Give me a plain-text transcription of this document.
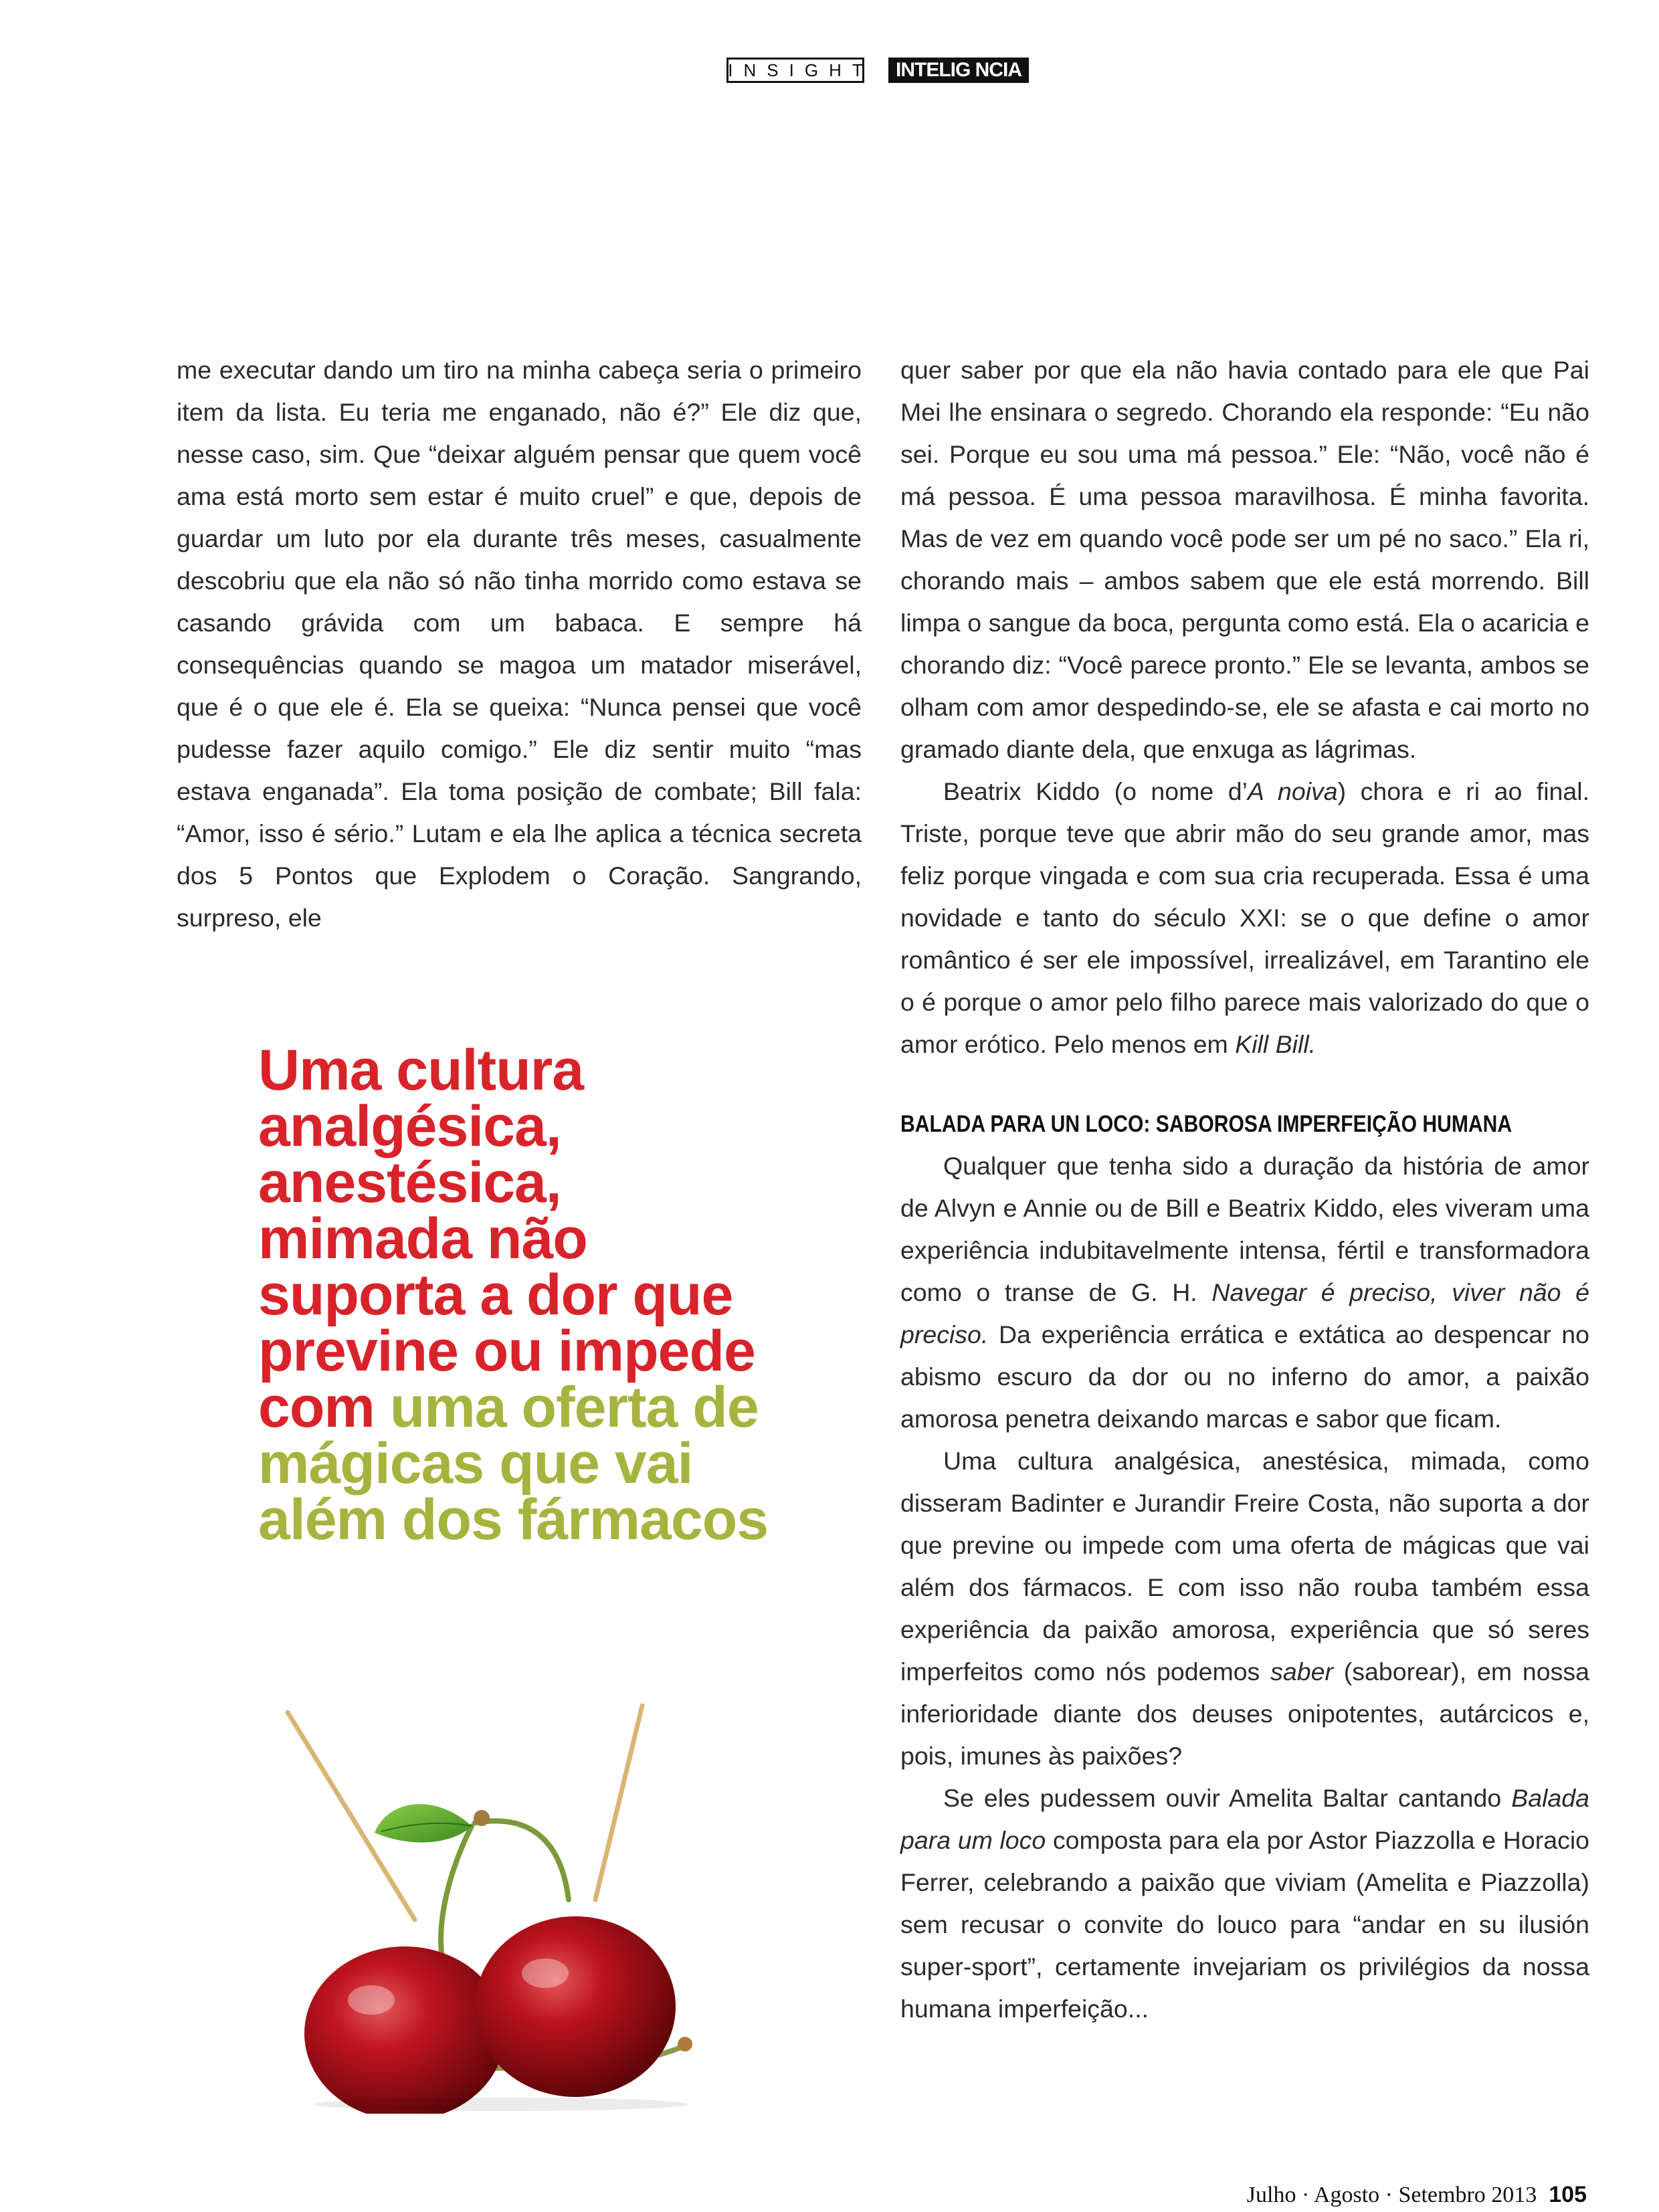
INSIGHT	INTELIG NCIA

me executar dando um tiro na minha cabeça seria o primeiro item da lista. Eu teria me enganado, não é?” Ele diz que, nesse caso, sim. Que “deixar alguém pensar que quem você ama está morto sem estar é muito cruel” e que, depois de guardar um luto por ela durante três meses, casualmente descobriu que ela não só não tinha morrido como estava se casando grávida com um babaca. E sempre há consequências quando se magoa um matador miserável, que é o que ele é. Ela se queixa: “Nunca pensei que você pudesse fazer aquilo comigo.” Ele diz sentir muito “mas estava enganada”. Ela toma posição de combate; Bill fala: “Amor, isso é sério.” Lutam e ela lhe aplica a técnica secreta dos 5 Pontos que Explodem o Coração. Sangrando, surpreso, ele

quer saber por que ela não havia contado para ele que Pai Mei lhe ensinara o segredo. Chorando ela responde: “Eu não sei. Porque eu sou uma má pessoa.” Ele: “Não, você não é má pessoa. É uma pessoa maravilhosa. É minha favorita. Mas de vez em quando você pode ser um pé no saco.” Ela ri, chorando mais – ambos sabem que ele está morrendo. Bill limpa o sangue da boca, pergunta como está. Ela o acaricia e chorando diz: “Você parece pronto.” Ele se levanta, ambos se olham com amor despedindo-se, ele se afasta e cai morto no gramado diante dela, que enxuga as lágrimas.

Beatrix Kiddo (o nome d’A noiva) chora e ri ao final. Triste, porque teve que abrir mão do seu grande amor, mas feliz porque vingada e com sua cria recuperada. Essa é uma novidade e tanto do século XXI: se o que define o amor romântico é ser ele impossível, irrealizável, em Tarantino ele o é porque o amor pelo filho parece mais valorizado do que o amor erótico. Pelo menos em Kill Bill.

BALADA PARA UN LOCO: SABOROSA IMPERFEIÇÃO HUMANA

Qualquer que tenha sido a duração da história de amor de Alvyn e Annie ou de Bill e Beatrix Kiddo, eles viveram uma experiência indubitavelmente intensa, fértil e transformadora como o transe de G. H. Navegar é preciso, viver não é preciso. Da experiência errática e extática ao despencar no abismo escuro da dor ou no inferno do amor, a paixão amorosa penetra deixando marcas e sabor que ficam.

Uma cultura analgésica, anestésica, mimada, como disseram Badinter e Jurandir Freire Costa, não suporta a dor que previne ou impede com uma oferta de mágicas que vai além dos fármacos. E com isso não rouba também essa experiência da paixão amorosa, experiência que só seres imperfeitos como nós podemos saber (saborear), em nossa inferioridade diante dos deuses onipotentes, autárcicos e, pois, imunes às paixões?

Se eles pudessem ouvir Amelita Baltar cantando Balada para um loco composta para ela por Astor Piazzolla e Horacio Ferrer, celebrando a paixão que viviam (Amelita e Piazzolla) sem recusar o convite do louco para “andar en su ilusión super-sport”, certamente invejariam os privilégios da nossa humana imperfeição...

Uma cultura analgésica, anestésica, mimada não suporta a dor que previne ou impede com uma oferta de mágicas que vai além dos fármacos
Julho · Agosto · Setembro 2013 105
